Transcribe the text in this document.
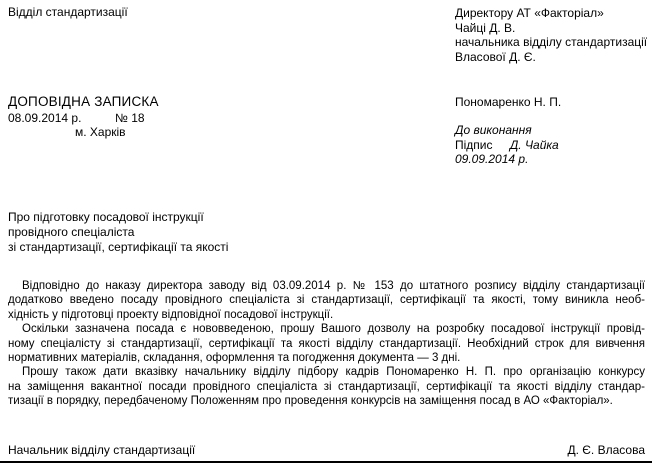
Відділ стандартизації	Директору АТ «Факторіал»
Чайці Д. В.
начальника відділу стандартизації
Власової Д. Є.
ДОПОВІДНА ЗАПИСКА
08.09.2014 р.	№ 18
м. Харків
Пономаренко Н. П.
До виконання
Підпис Д. Чайка
09.09.2014 р.
Про підготовку посадової інструкції
провідного спеціаліста
зі стандартизації, сертифікації та якості
Відповідно до наказу директора заводу від 03.09.2014 р. № 153 до штатного розпису відділу стандартизації
додатково введено посаду провідного спеціаліста зі стандартизації, сертифікації та якості, тому виникла необ-
хідність у підготовці проекту відповідної посадової інструкції.
Оскільки зазначена посада є нововведеною, прошу Вашого дозволу на розробку посадової інструкції провід-
ному спеціалісту зі стандартизації, сертифікації та якості відділу стандартизації. Необхідний строк для вивчення
нормативних матеріалів, складання, оформлення та погодження документа — 3 дні.
Прошу також дати вказівку начальнику відділу підбору кадрів Пономаренко Н. П. про організацію конкурсу
на заміщення вакантної посади провідного спеціаліста зі стандартизації, сертифікації та якості відділу стандар-
тизації в порядку, передбаченому Положенням про проведення конкурсів на заміщення посад в АО «Факторіал».
Начальник відділу стандартизації	Д. Є. Власова
